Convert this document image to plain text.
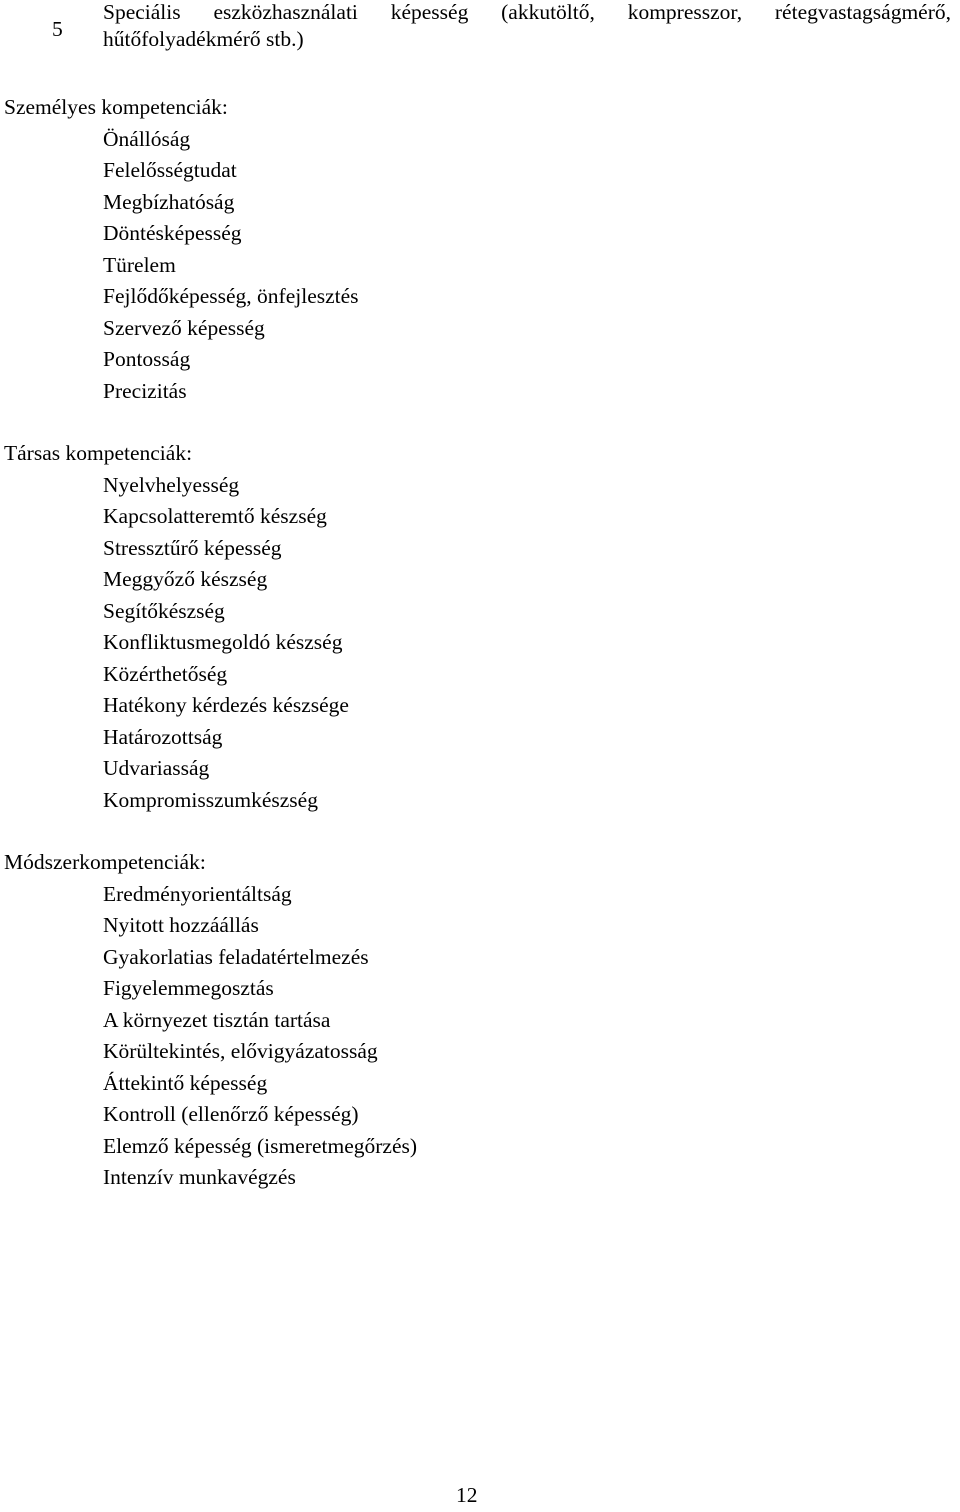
5
Speciális eszközhasználati képesség (akkutöltő, kompresszor, rétegvastagságmérő,
hűtőfolyadékmérő stb.)
Személyes kompetenciák:
Önállóság
Felelősségtudat
Megbízhatóság
Döntésképesség
Türelem
Fejlődőképesség, önfejlesztés
Szervező képesség
Pontosság
Precizitás
Társas kompetenciák:
Nyelvhelyesség
Kapcsolatteremtő készség
Stressztűrő képesség
Meggyőző készség
Segítőkészség
Konfliktusmegoldó készség
Közérthetőség
Hatékony kérdezés készsége
Határozottság
Udvariasság
Kompromisszumkészség
Módszerkompetenciák:
Eredményorientáltság
Nyitott hozzáállás
Gyakorlatias feladatértelmezés
Figyelemmegosztás
A környezet tisztán tartása
Körültekintés, elővigyázatosság
Áttekintő képesség
Kontroll (ellenőrző képesség)
Elemző képesség (ismeretmegőrzés)
Intenzív munkavégzés
12
